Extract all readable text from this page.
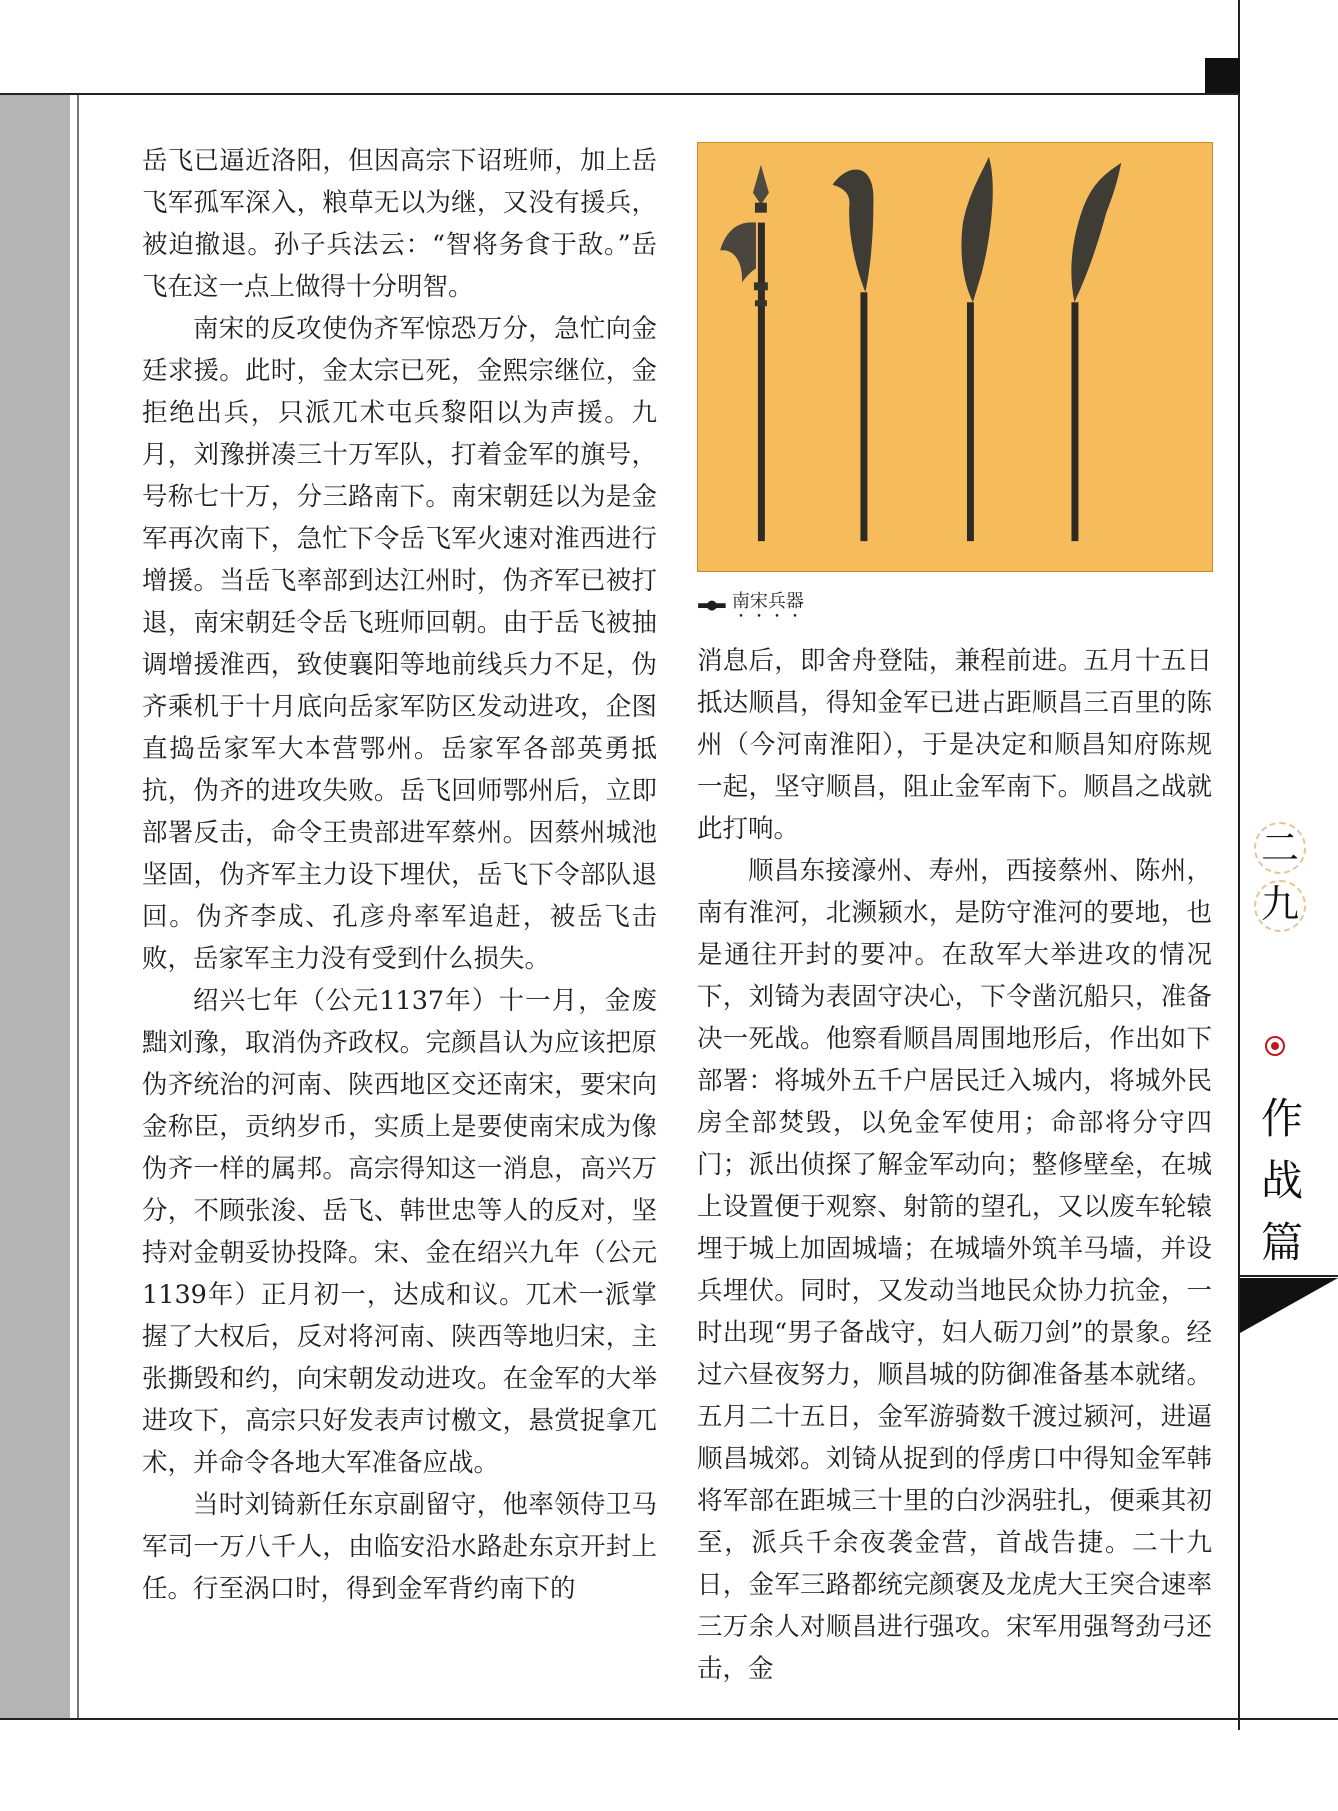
岳飞已逼近洛阳，但因高宗下诏班师，加上岳飞军孤军深入，粮草无以为继，又没有援兵，被迫撤退。孙子兵法云：“智将务食于敌。”岳飞在这一点上做得十分明智。

南宋的反攻使伪齐军惊恐万分，急忙向金廷求援。此时，金太宗已死，金熙宗继位，金拒绝出兵，只派兀术屯兵黎阳以为声援。九月，刘豫拼凑三十万军队，打着金军的旗号，号称七十万，分三路南下。南宋朝廷以为是金军再次南下，急忙下令岳飞军火速对淮西进行增援。当岳飞率部到达江州时，伪齐军已被打退，南宋朝廷令岳飞班师回朝。由于岳飞被抽调增援淮西，致使襄阳等地前线兵力不足，伪齐乘机于十月底向岳家军防区发动进攻，企图直捣岳家军大本营鄂州。岳家军各部英勇抵抗，伪齐的进攻失败。岳飞回师鄂州后，立即部署反击，命令王贵部进军蔡州。因蔡州城池坚固，伪齐军主力设下埋伏，岳飞下令部队退回。伪齐李成、孔彦舟率军追赶，被岳飞击败，岳家军主力没有受到什么损失。

绍兴七年（公元1137年）十一月，金废黜刘豫，取消伪齐政权。完颜昌认为应该把原伪齐统治的河南、陕西地区交还南宋，要宋向金称臣，贡纳岁币，实质上是要使南宋成为像伪齐一样的属邦。高宗得知这一消息，高兴万分，不顾张浚、岳飞、韩世忠等人的反对，坚持对金朝妥协投降。宋、金在绍兴九年（公元1139年）正月初一，达成和议。兀术一派掌握了大权后，反对将河南、陕西等地归宋，主张撕毁和约，向宋朝发动进攻。在金军的大举进攻下，高宗只好发表声讨檄文，悬赏捉拿兀术，并命令各地大军准备应战。

当时刘锜新任东京副留守，他率领侍卫马军司一万八千人，由临安沿水路赴东京开封上任。行至涡口时，得到金军背约南下的

▬●▬ 南宋兵器

消息后，即舍舟登陆，兼程前进。五月十五日抵达顺昌，得知金军已进占距顺昌三百里的陈州（今河南淮阳），于是决定和顺昌知府陈规一起，坚守顺昌，阻止金军南下。顺昌之战就此打响。

顺昌东接濠州、寿州，西接蔡州、陈州，南有淮河，北濒颍水，是防守淮河的要地，也是通往开封的要冲。在敌军大举进攻的情况下，刘锜为表固守决心，下令凿沉船只，准备决一死战。他察看顺昌周围地形后，作出如下部署：将城外五千户居民迁入城内，将城外民房全部焚毁，以免金军使用；命部将分守四门；派出侦探了解金军动向；整修壁垒，在城上设置便于观察、射箭的望孔，又以废车轮辕埋于城上加固城墙；在城墙外筑羊马墙，并设兵埋伏。同时，又发动当地民众协力抗金，一时出现“男子备战守，妇人砺刀剑”的景象。经过六昼夜努力，顺昌城的防御准备基本就绪。五月二十五日，金军游骑数千渡过颍河，进逼顺昌城郊。刘锜从捉到的俘虏口中得知金军韩将军部在距城三十里的白沙涡驻扎，便乘其初至，派兵千余夜袭金营，首战告捷。二十九日，金军三路都统完颜褒及龙虎大王突合速率三万余人对顺昌进行强攻。宋军用强弩劲弓还击，金

二
九
作
战
篇
